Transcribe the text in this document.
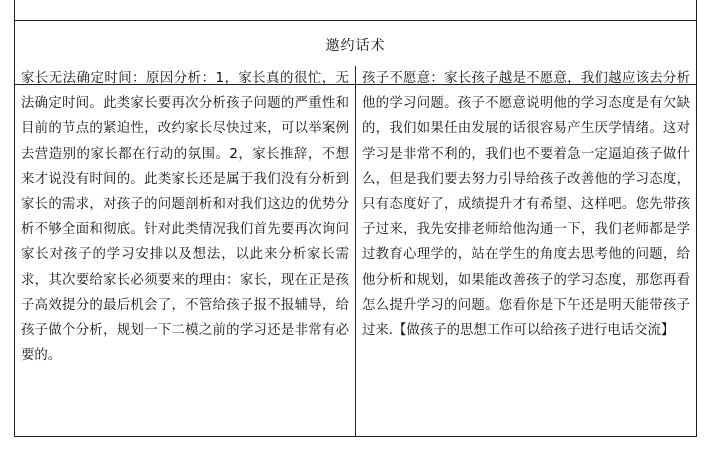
邀约话术
家长无法确定时间：原因分析：1，家长真的很忙，无法确定时间。此类家长要再次分析孩子问题的严重性和目前的节点的紧迫性，改约家长尽快过来，可以举案例去营造别的家长都在行动的氛围。2，家长推辞，不想来才说没有时间的。此类家长还是属于我们没有分析到家长的需求，对孩子的问题剖析和对我们这边的优势分析不够全面和彻底。针对此类情况我们首先要再次询问家长对孩子的学习安排以及想法，以此来分析家长需求，其次要给家长必须要来的理由：家长，现在正是孩子高效提分的最后机会了，不管给孩子报不报辅导，给孩子做个分析，规划一下二模之前的学习还是非常有必要的。
孩子不愿意：家长孩子越是不愿意，我们越应该去分析他的学习问题。孩子不愿意说明他的学习态度是有欠缺的，我们如果任由发展的话很容易产生厌学情绪。这对学习是非常不利的，我们也不要着急一定逼迫孩子做什么，但是我们要去努力引导给孩子改善他的学习态度，只有态度好了，成绩提升才有希望、这样吧。您先带孩子过来，我先安排老师给他沟通一下，我们老师都是学过教育心理学的，站在学生的角度去思考他的问题，给他分析和规划，如果能改善孩子的学习态度，那您再看怎么提升学习的问题。您看你是下午还是明天能带孩子过来.【做孩子的思想工作可以给孩子进行电话交流】
